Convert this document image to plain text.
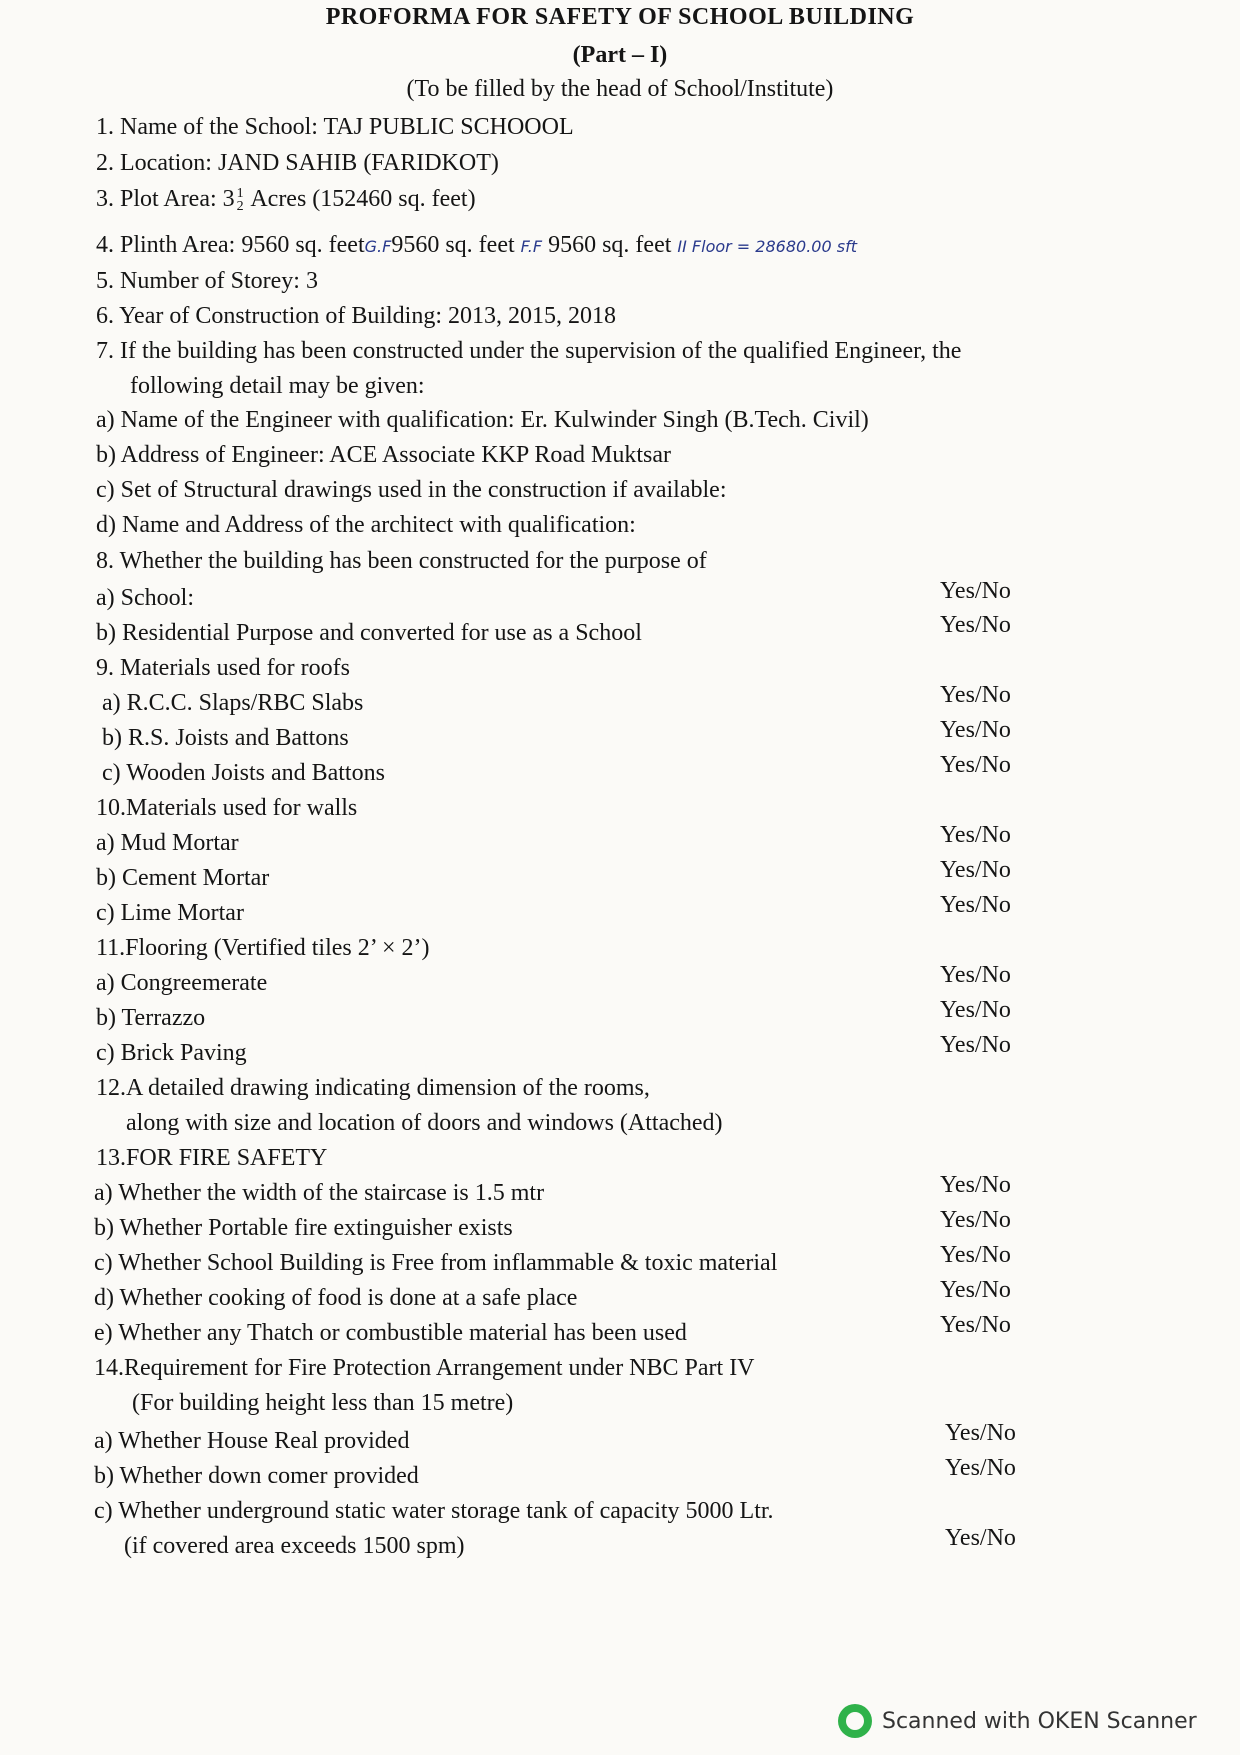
PROFORMA FOR SAFETY OF SCHOOL BUILDING
(Part – I)
(To be filled by the head of School/Institute)
1. Name of the School: TAJ PUBLIC SCHOOOL
2. Location: JAND SAHIB (FARIDKOT)
3. Plot Area: 3 1
2 Acres (152460 sq. feet)
4. Plinth Area: 9560 sq. feetG.F9560 sq. feet F.F 9560 sq. feet II Floor = 28680.00 sft
5. Number of Storey: 3
6. Year of Construction of Building: 2013, 2015, 2018
7. If the building has been constructed under the supervision of the qualified Engineer, the
following detail may be given:
a) Name of the Engineer with qualification: Er. Kulwinder Singh (B.Tech. Civil)
b) Address of Engineer: ACE Associate KKP Road Muktsar
c) Set of Structural drawings used in the construction if available:
d) Name and Address of the architect with qualification:
8. Whether the building has been constructed for the purpose of
a) School:	Yes/No
b) Residential Purpose and converted for use as a School	Yes/No
9. Materials used for roofs
a) R.C.C. Slaps/RBC Slabs	Yes/No
b) R.S. Joists and Battons	Yes/No
c) Wooden Joists and Battons	Yes/No
10.Materials used for walls
a) Mud Mortar	Yes/No
b) Cement Mortar	Yes/No
c) Lime Mortar	Yes/No
11.Flooring (Vertified tiles 2’ × 2’)
a) Congreemerate	Yes/No
b) Terrazzo	Yes/No
c) Brick Paving	Yes/No
12.A detailed drawing indicating dimension of the rooms,
along with size and location of doors and windows (Attached)
13.FOR FIRE SAFETY
a) Whether the width of the staircase is 1.5 mtr	Yes/No
b) Whether Portable fire extinguisher exists	Yes/No
c) Whether School Building is Free from inflammable & toxic material	Yes/No
d) Whether cooking of food is done at a safe place	Yes/No
e) Whether any Thatch or combustible material has been used	Yes/No
14.Requirement for Fire Protection Arrangement under NBC Part IV
(For building height less than 15 metre)
a) Whether House Real provided	Yes/No
b) Whether down comer provided	Yes/No
c) Whether underground static water storage tank of capacity 5000 Ltr.
(if covered area exceeds 1500 spm)	Yes/No
Scanned with OKEN Scanner
